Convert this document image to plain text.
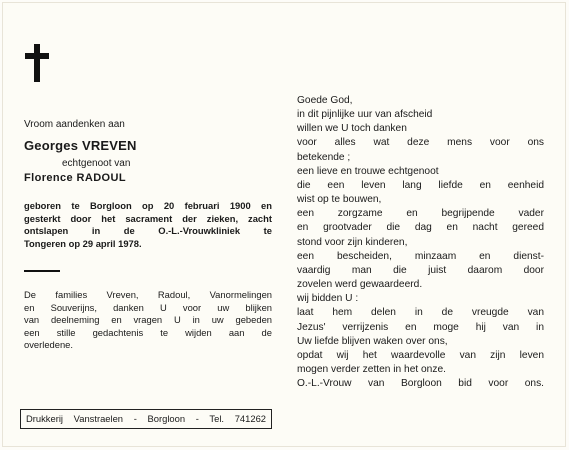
Vroom aandenken aan
Georges VREVEN
echtgenoot van
Florence RADOUL
geboren te Borgloon op 20 februari 1900 en
gesterkt door het sacrament der zieken, zacht
ontslapen in de O.-L.-Vrouwkliniek te
Tongeren op 29 april 1978.
De families Vreven, Radoul, Vanormelingen
en Souverijns, danken U voor uw blijken
van deelneming en vragen U in uw gebeden
een stille gedachtenis te wijden aan de
overledene.
Drukkerij Vanstraelen - Borgloon - Tel. 741262
Goede God,
in dit pijnlijke uur van afscheid
willen we U toch danken
voor alles wat deze mens voor ons
betekende ;
een lieve en trouwe echtgenoot
die een leven lang liefde en eenheid
wist op te bouwen,
een zorgzame en begrijpende vader
en grootvader die dag en nacht gereed
stond voor zijn kinderen,
een bescheiden, minzaam en dienst-
vaardig man die juist daarom door
zovelen werd gewaardeerd.
wij bidden U :
laat hem delen in de vreugde van
Jezus' verrijzenis en moge hij van in
Uw liefde blijven waken over ons,
opdat wij het waardevolle van zijn leven
mogen verder zetten in het onze.
O.-L.-Vrouw van Borgloon bid voor ons.
